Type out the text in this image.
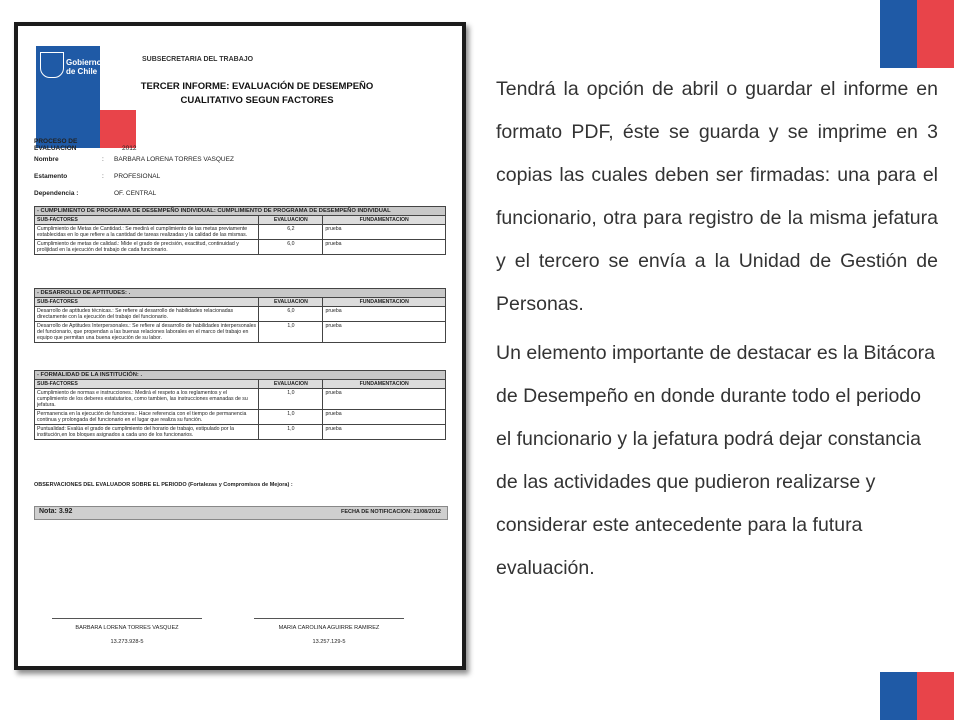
Gobierno
de Chile
SUBSECRETARIA DEL TRABAJO
TERCER INFORME: EVALUACIÓN DE DESEMPEÑO
CUALITATIVO SEGUN FACTORES
PROCESO DE EVALUACION	2012
Nombre	: BARBARA LORENA TORRES VASQUEZ
Estamento	: PROFESIONAL
Dependencia :	OF. CENTRAL
- CUMPLIMIENTO DE PROGRAMA DE DESEMPEÑO INDIVIDUAL: CUMPLIMIENTO DE PROGRAMA DE DESEMPEÑO INDIVIDUAL		
SUB-FACTORES	EVALUACION	FUNDAMENTACION
Cumplimiento de Metas de Cantidad.: Se medirá el cumplimiento de las metas previamente establecidas en lo que refiere a la cantidad de tareas realizadas y la calidad de las mismas.	6,2	prueba
Cumplimiento de metas de calidad.: Mide el grado de precisión, exactitud, continuidad y prolijidad en la ejecución del trabajo de cada funcionario.	6,0	prueba
- DESARROLLO DE APTITUDES: .		
SUB-FACTORES	EVALUACION	FUNDAMENTACION
Desarrollo de aptitudes técnicas.: Se refiere al desarrollo de habilidades relacionadas directamente con la ejecución del trabajo del funcionario.	6,0	prueba
Desarrollo de Aptitudes Interpersonales.: Se refiere al desarrollo de habilidades interpersonales del funcionario, que propendan a las buenas relaciones laborales en el marco del trabajo en equipo que permitan una buena ejecución de su labor.	1,0	prueba
- FORMALIDAD DE LA INSTITUCIÓN: .		
SUB-FACTORES	EVALUACION	FUNDAMENTACION
Cumplimiento de normas e instrucciones.: Medirá el respeto a los reglamentos y el cumplimiento de los deberes estatutarios, como tambien, las instrucciones emanadas de su jefatura.	1,0	prueba
Permanencia en la ejecución de funciones.: Hace referencia con el tiempo de permanencia continua y prolongada del funcionario en el lugar que realiza su función.	1,0	prueba
Puntualidad: Evalúa el grado de cumplimiento del horario de trabajo, estipulado por la institución,en los bloques asignados a cada uno de los funcionarios.	1,0	prueba
OBSERVACIONES DEL EVALUADOR SOBRE EL PERIODO (Fortalezas y Compromisos de Mejora) :
Nota: 3.92	FECHA DE NOTIFICACION: 21/08/2012
BARBARA LORENA TORRES VASQUEZ
13.273.928-5
MARIA CAROLINA AGUIRRE RAMIREZ
13.257.129-5

Tendrá la opción de abril o guardar el informe en formato PDF, éste se guarda y se imprime en 3 copias las cuales deben ser firmadas: una para el funcionario, otra para registro de la misma jefatura y el tercero se envía a la Unidad de Gestión de Personas.

Un elemento importante de destacar es la Bitácora de Desempeño en donde durante todo el periodo el funcionario y la jefatura podrá dejar constancia de las actividades que pudieron realizarse y considerar este antecedente para la futura evaluación.
